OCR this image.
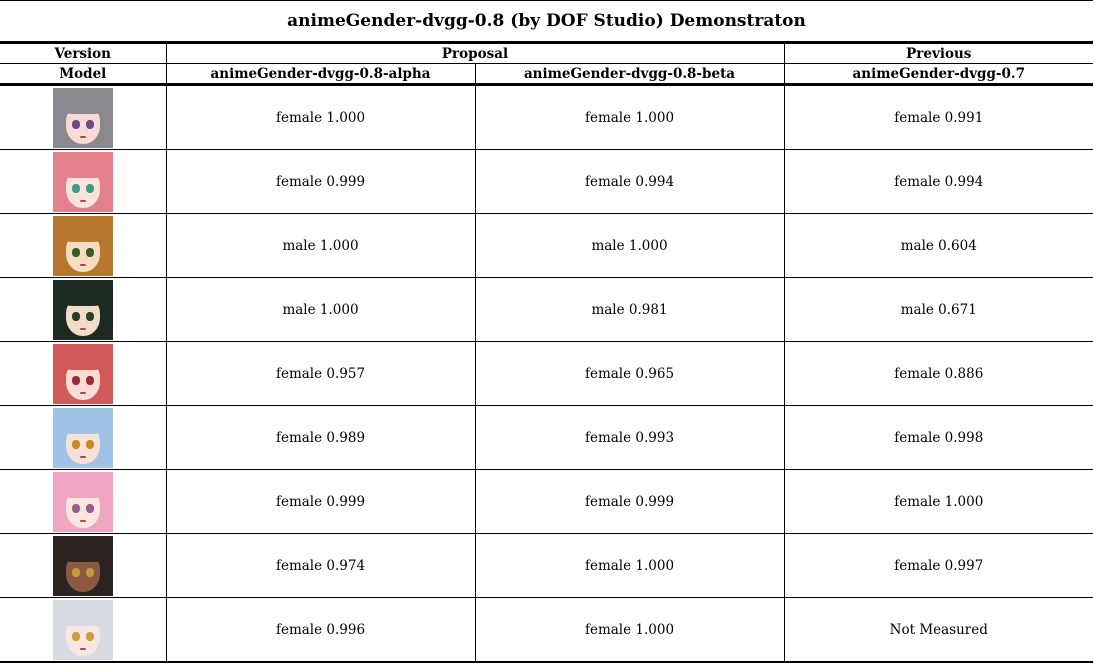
animeGender-dvgg-0.8 (by DOF Studio) Demonstraton			
Version	Proposal		Previous
Model	animeGender-dvgg-0.8-alpha	animeGender-dvgg-0.8-beta	animeGender-dvgg-0.7

	female 1.000	female 1.000	female 0.991

	female 0.999	female 0.994	female 0.994

	male 1.000	male 1.000	male 0.604

	male 1.000	male 0.981	male 0.671

	female 0.957	female 0.965	female 0.886

	female 0.989	female 0.993	female 0.998

	female 0.999	female 0.999	female 1.000

	female 0.974	female 1.000	female 0.997

	female 0.996	female 1.000	Not Measured
